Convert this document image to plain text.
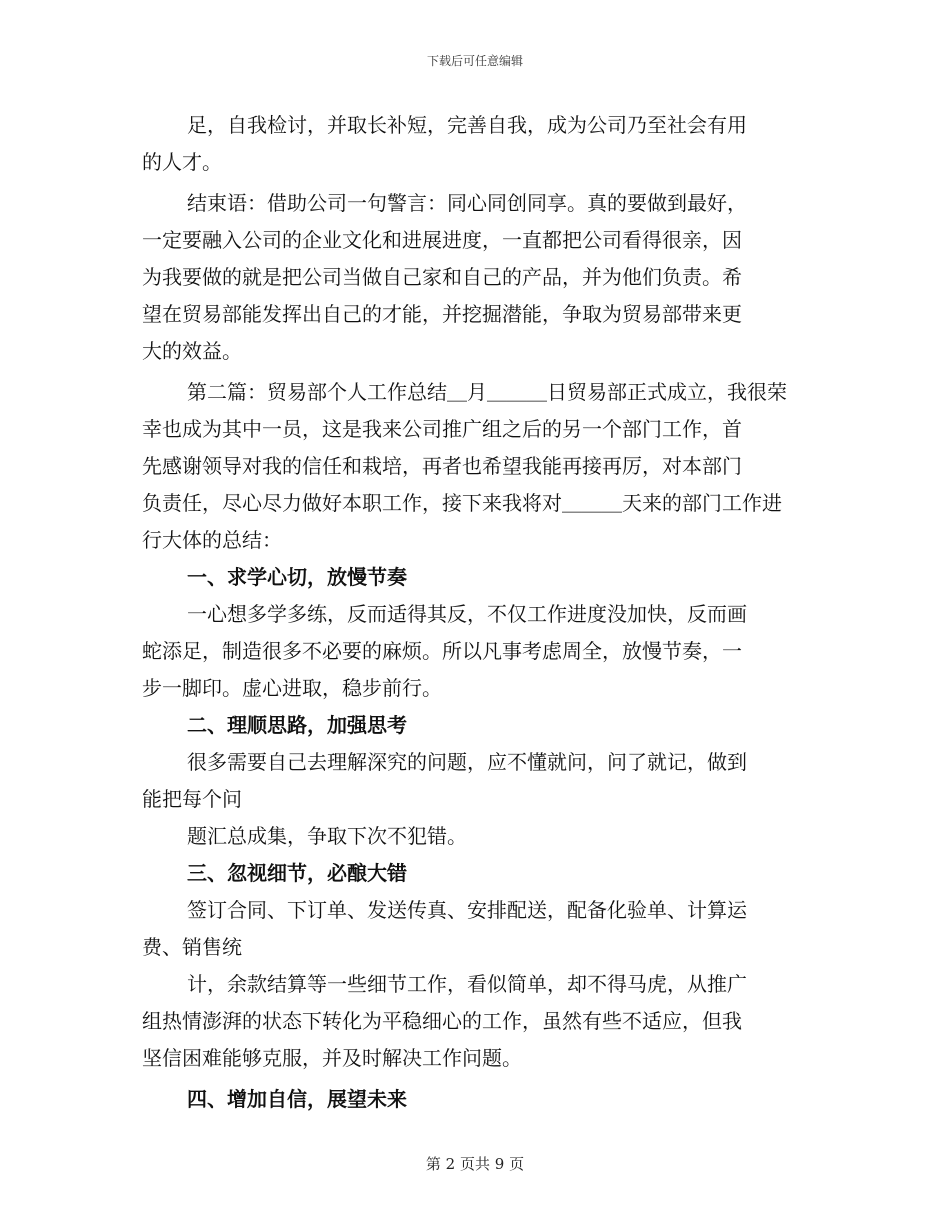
下载后可任意编辑
足，自我检讨，并取长补短，完善自我，成为公司乃至社会有用
的人才。
结束语：借助公司一句警言：同心同创同享。真的要做到最好，
一定要融入公司的企业文化和进展进度，一直都把公司看得很亲，因
为我要做的就是把公司当做自己家和自己的产品，并为他们负责。希
望在贸易部能发挥出自己的才能，并挖掘潜能，争取为贸易部带来更
大的效益。
第二篇：贸易部个人工作总结＿月＿＿＿日贸易部正式成立，我很荣
幸也成为其中一员，这是我来公司推广组之后的另一个部门工作，首
先感谢领导对我的信任和栽培，再者也希望我能再接再厉，对本部门
负责任，尽心尽力做好本职工作，接下来我将对＿＿＿天来的部门工作进
行大体的总结：
一、求学心切，放慢节奏
一心想多学多练，反而适得其反，不仅工作进度没加快，反而画
蛇添足，制造很多不必要的麻烦。所以凡事考虑周全，放慢节奏，一
步一脚印。虚心进取，稳步前行。
二、理顺思路，加强思考
很多需要自己去理解深究的问题，应不懂就问，问了就记，做到
能把每个问
题汇总成集，争取下次不犯错。
三、忽视细节，必酿大错
签订合同、下订单、发送传真、安排配送，配备化验单、计算运
费、销售统
计，余款结算等一些细节工作，看似简单，却不得马虎，从推广
组热情澎湃的状态下转化为平稳细心的工作，虽然有些不适应，但我
坚信困难能够克服，并及时解决工作问题。
四、增加自信，展望未来
第 2 页共 9 页
